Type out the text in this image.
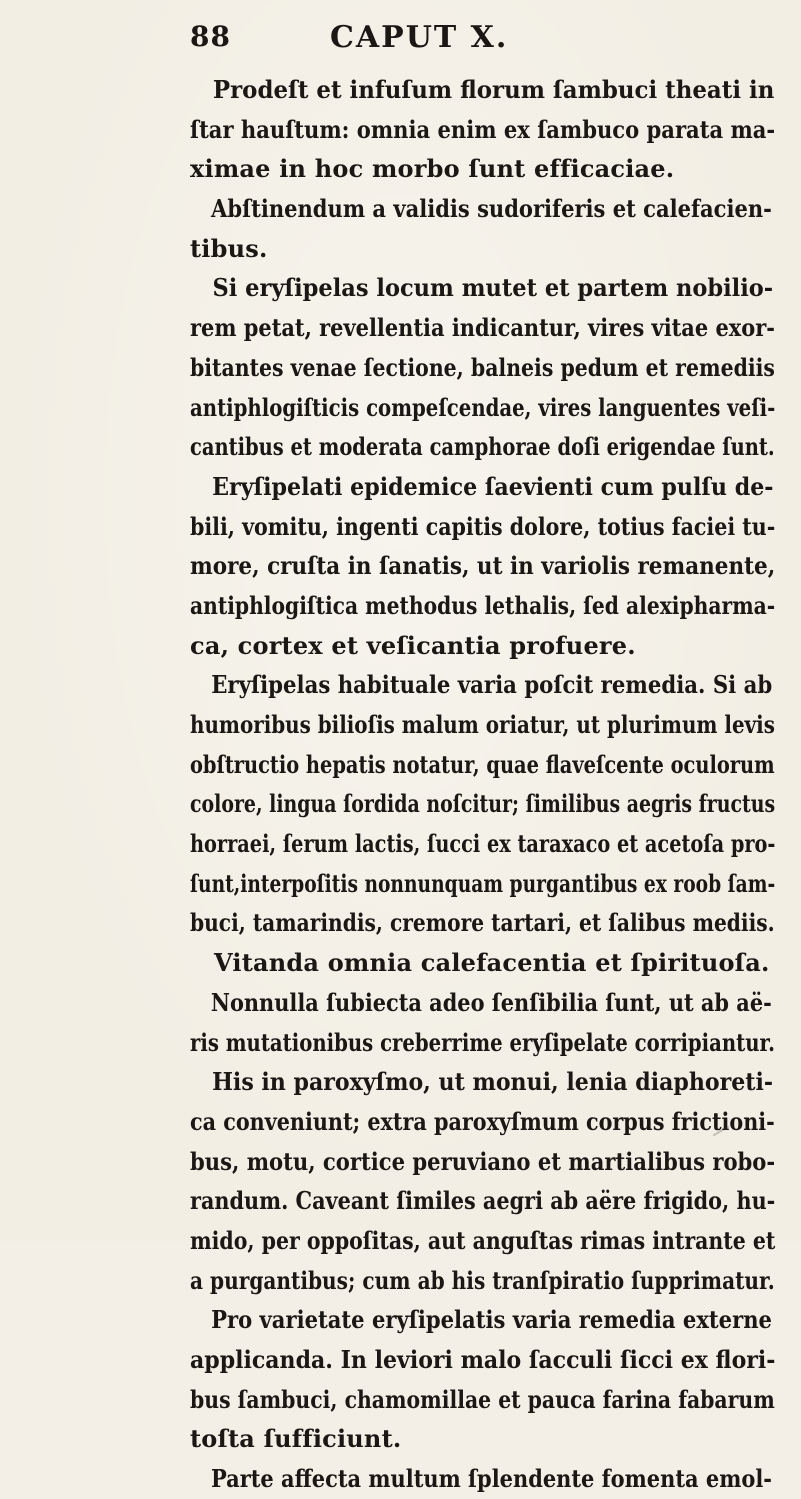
88	CAPUT X.
Prodeſt et infuſum florum ſambuci theati in
ſtar hauſtum: omnia enim ex ſambuco parata ma-
ximae in hoc morbo ſunt efficaciae.
Abſtinendum a validis sudoriferis et calefacien-
tibus.
Si eryſipelas locum mutet et partem nobilio-
rem petat, revellentia indicantur, vires vitae exor-
bitantes venae ſectione, balneis pedum et remediis
antiphlogiſticis compeſcendae, vires languentes veſi-
cantibus et moderata camphorae doſi erigendae ſunt.
Eryſipelati epidemice ſaevienti cum pulſu de-
bili, vomitu, ingenti capitis dolore, totius faciei tu-
more, cruſta in ſanatis, ut in variolis remanente,
antiphlogiſtica methodus lethalis, ſed alexipharma-
ca, cortex et veſicantia profuere.
Eryſipelas habituale varia poſcit remedia. Si ab
humoribus bilioſis malum oriatur, ut plurimum levis
obſtructio hepatis notatur, quae flaveſcente oculorum
colore, lingua ſordida noſcitur; ſimilibus aegris fructus
horraei, ſerum lactis, ſucci ex taraxaco et acetoſa pro-
ſunt,interpoſitis nonnunquam purgantibus ex roob ſam-
buci, tamarindis, cremore tartari, et ſalibus mediis.
Vitanda omnia calefacentia et ſpirituoſa.
Nonnulla ſubiecta adeo ſenſibilia ſunt, ut ab aë-
ris mutationibus creberrime eryſipelate corripiantur.
His in paroxyſmo, ut monui, lenia diaphoreti-
ca conveniunt; extra paroxyſmum corpus frictioni-
bus, motu, cortice peruviano et martialibus robo-
randum. Caveant ſimiles aegri ab aëre frigido, hu-
mido, per oppoſitas, aut anguſtas rimas intrante et
a purgantibus; cum ab his tranſpiratio ſupprimatur.
Pro varietate eryſipelatis varia remedia externe
applicanda. In leviori malo ſacculi ſicci ex flori-
bus ſambuci, chamomillae et pauca farina fabarum
toſta ſufficiunt.
Parte affecta multum ſplendente fomenta emol-
